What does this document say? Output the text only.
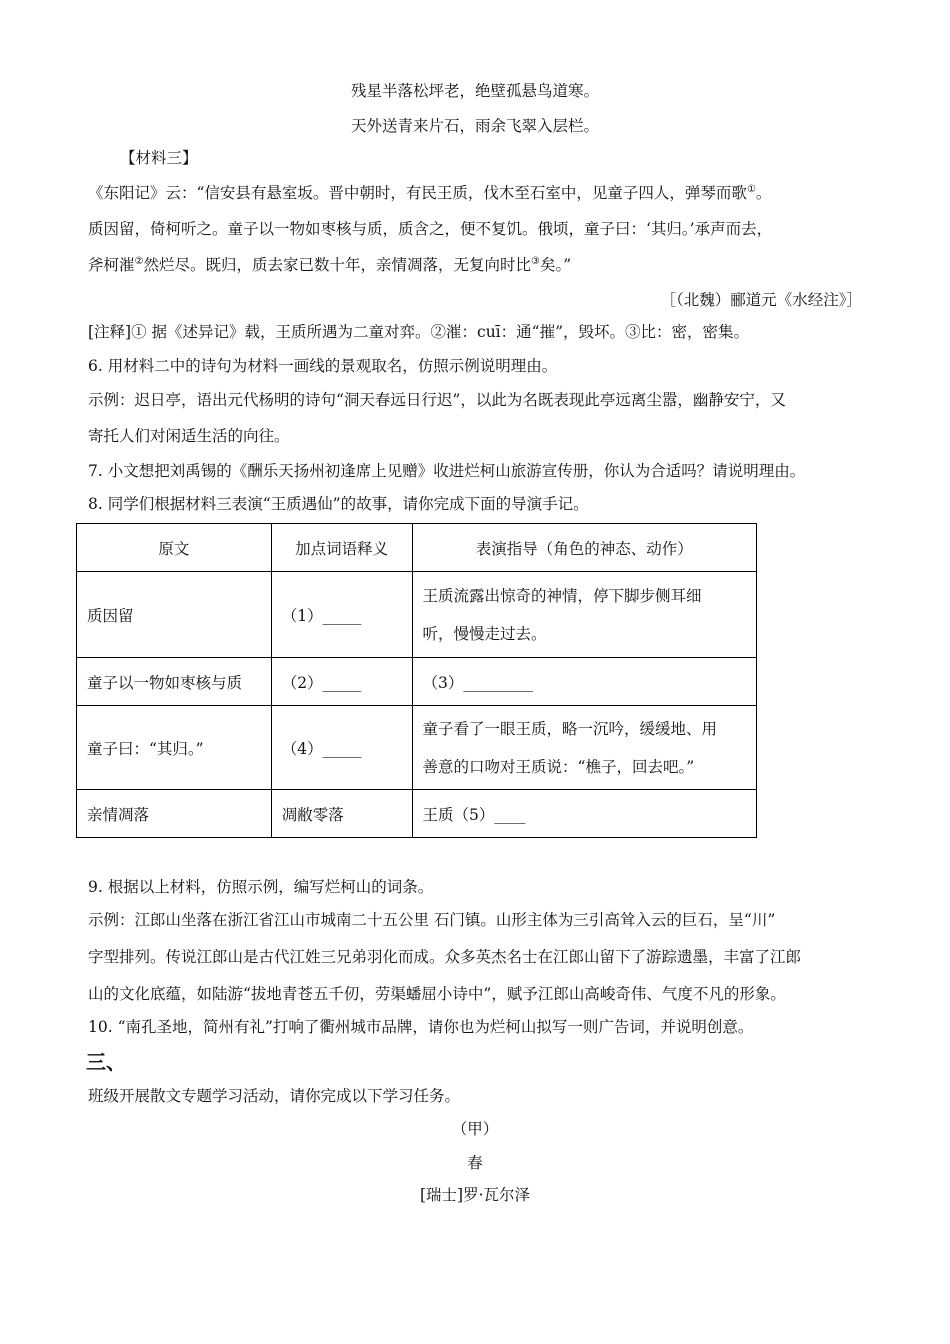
残星半落松坪老，绝壁孤悬鸟道寒。
天外送青来片石，雨余飞翠入层栏。
【材料三】
《东阳记》云：“信安县有悬室坂。晋中朝时，有民王质，伐木至石室中，见童子四人，弹琴而歌①。
质因留，倚柯听之。童子以一物如枣核与质，质含之，便不复饥。俄顷，童子曰：‘其归。’承声而去，
斧柯漼②然烂尽。既归，质去家已数十年，亲情凋落，无复向时比③矣。”
［（北魏）郦道元《水经注》］
[注释]① 据《述异记》载，王质所遇为二童对弈。②漼：cuī：通“摧”，毁坏。③比：密，密集。
6. 用材料二中的诗句为材料一画线的景观取名，仿照示例说明理由。
示例：迟日亭，语出元代杨明的诗句“洞天春远日行迟”，以此为名既表现此亭远离尘嚣，幽静安宁，又
寄托人们对闲适生活的向往。
7. 小文想把刘禹锡的《酬乐天扬州初逢席上见赠》收进烂柯山旅游宣传册，你认为合适吗？请说明理由。
8. 同学们根据材料三表演“王质遇仙”的故事，请你完成下面的导演手记。
原文	加点词语释义	表演指导（角色的神态、动作）
质因留	（1）_____	王质流露出惊奇的神情，停下脚步侧耳细
听，慢慢走过去。

童子以一物如枣核与质	（2）_____	（3）_________
童子曰：“其归。”	（4）_____	童子看了一眼王质，略一沉吟，缓缓地、用
善意的口吻对王质说：“樵子，回去吧。”

亲情凋落	凋敝零落	王质（5）____
9. 根据以上材料，仿照示例，编写烂柯山的词条。
示例：江郎山坐落在浙江省江山市城南二十五公里 石门镇。山形主体为三引高耸入云的巨石，呈“川”
字型排列。传说江郎山是古代江姓三兄弟羽化而成。众多英杰名士在江郎山留下了游踪遗墨，丰富了江郎
山的文化底蕴，如陆游“拔地青苍五千仞，劳渠蟠屈小诗中”，赋予江郎山高峻奇伟、气度不凡的形象。
10. “南孔圣地，简州有礼”打响了衢州城市品牌，请你也为烂柯山拟写一则广告词，并说明创意。
三、
班级开展散文专题学习活动，请你完成以下学习任务。
（甲）
春
[瑞士]罗·瓦尔泽
